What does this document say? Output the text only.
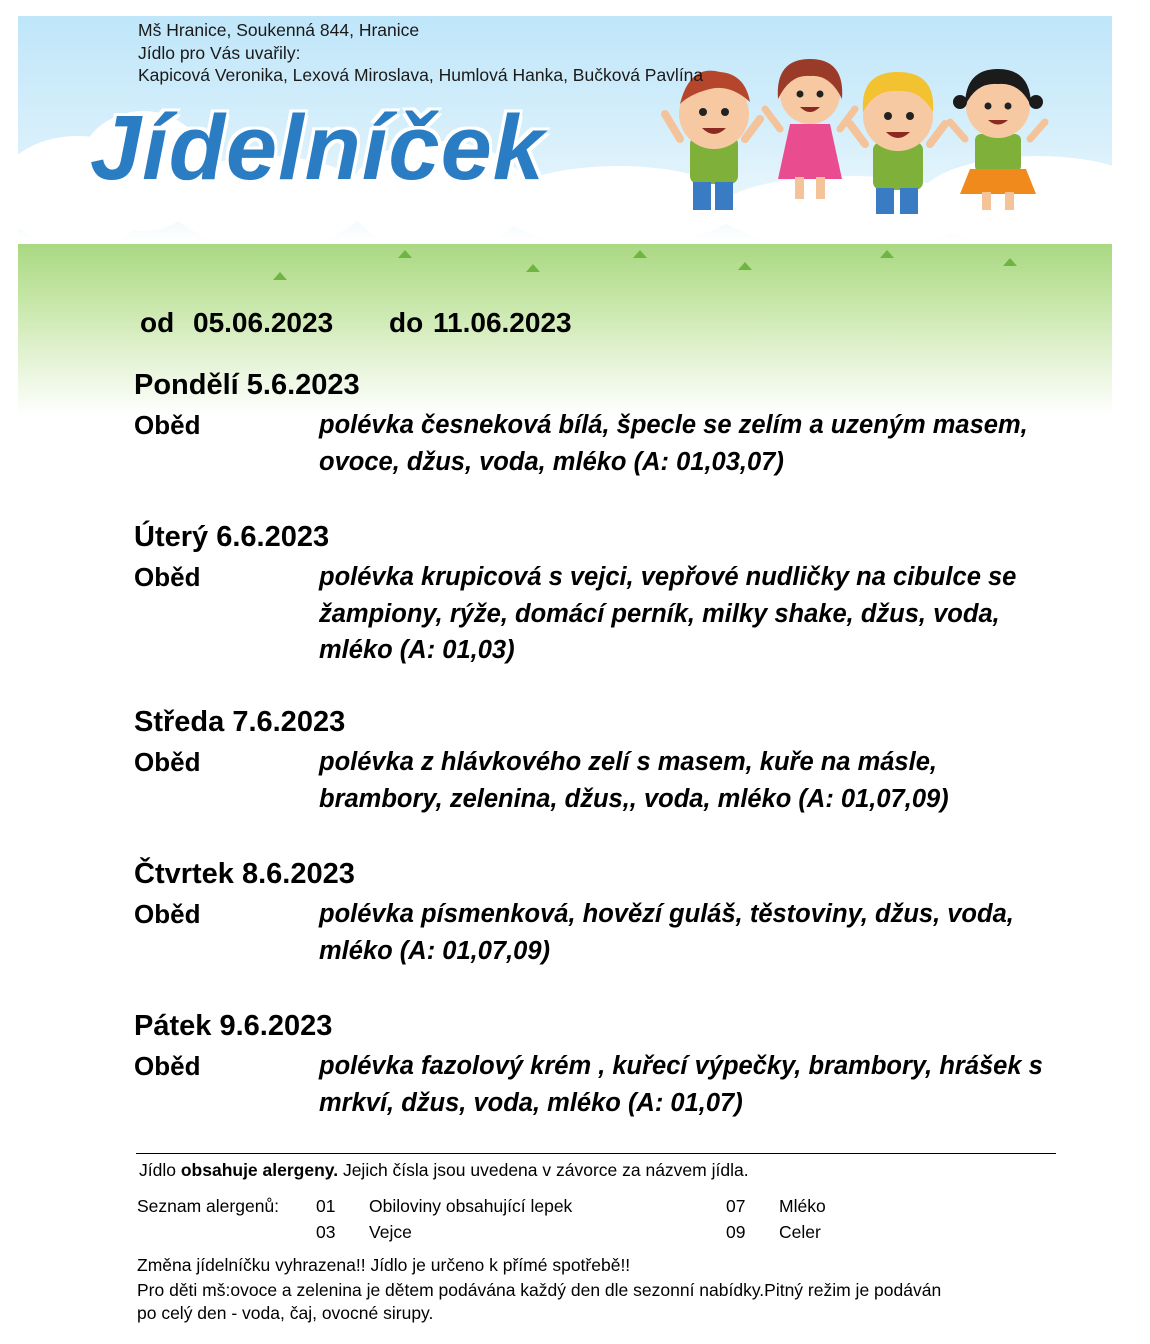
Mš Hranice, Soukenná 844, Hranice
Jídlo pro Vás uvařily:
Kapicová Veronika, Lexová Miroslava, Humlová Hanka, Bučková Pavlína
Jídelníček
od 05.06.2023 do 11.06.2023
Pondělí 5.6.2023
Oběd	polévka česneková bílá, špecle se zelím a uzeným masem,
ovoce, džus, voda, mléko (A: 01,03,07)
Úterý 6.6.2023
Oběd	polévka krupicová s vejci, vepřové nudličky na cibulce se
žampiony, rýže, domácí perník, milky shake, džus, voda,
mléko (A: 01,03)
Středa 7.6.2023
Oběd	polévka z hlávkového zelí s masem, kuře na másle,
brambory, zelenina, džus,, voda, mléko (A: 01,07,09)
Čtvrtek 8.6.2023
Oběd	polévka písmenková, hovězí guláš, těstoviny, džus, voda,
mléko (A: 01,07,09)
Pátek 9.6.2023
Oběd	polévka fazolový krém , kuřecí výpečky, brambory, hrášek s
mrkví, džus, voda, mléko (A: 01,07)
Jídlo obsahuje alergeny. Jejich čísla jsou uvedena v závorce za názvem jídla.
Seznam alergenů: 01 Obiloviny obsahující lepek
03 Vejce
07 Mléko
09 Celer
Změna jídelníčku vyhrazena!! Jídlo je určeno k přímé spotřebě!!
Pro děti mš:ovoce a zelenina je dětem podávána každý den dle sezonní nabídky.Pitný režim je podáván
po celý den - voda, čaj, ovocné sirupy.
